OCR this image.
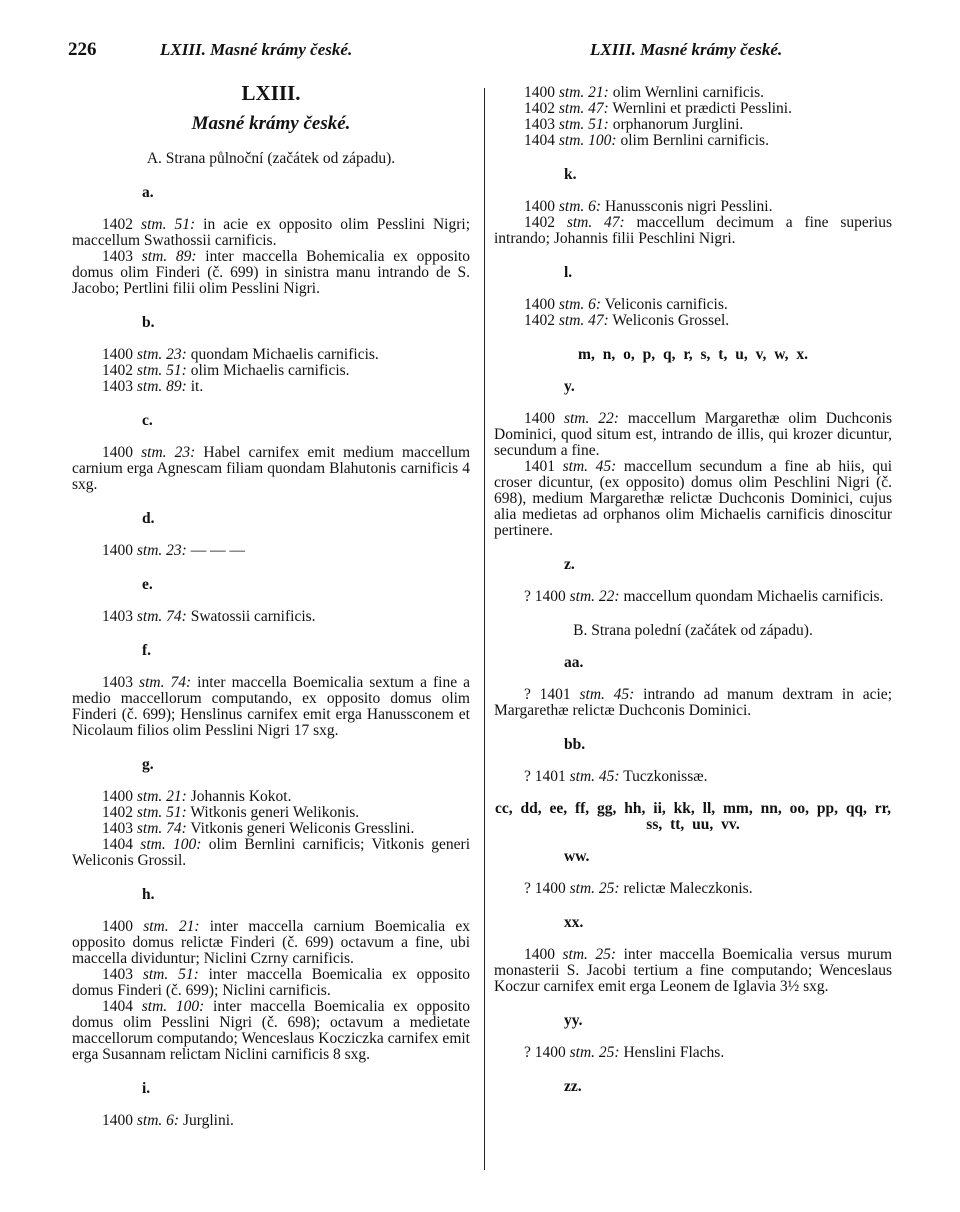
226	LXIII. Masné krámy české.	LXIII. Masné krámy české.
LXIII.
Masné krámy české.
A. Strana půlnoční (začátek od západu).
a.

1402 stm. 51: in acie ex opposito olim Pesslini Nigri; maccellum Swathossii carnificis.

1403 stm. 89: inter maccella Bohemicalia ex opposito domus olim Finderi (č. 699) in sinistra manu intrando de S. Jacobo; Pertlini filii olim Pesslini Nigri.

b.
1400 stm. 23: quondam Michaelis carnificis.
1402 stm. 51: olim Michaelis carnificis.
1403 stm. 89: it.
c.

1400 stm. 23: Habel carnifex emit medium maccellum carnium erga Agnescam filiam quondam Blahutonis carnificis 4 sxg.

d.
1400 stm. 23: — — —
e.
1403 stm. 74: Swatossii carnificis.
f.

1403 stm. 74: inter maccella Boemicalia sextum a fine a medio maccellorum computando, ex opposito domus olim Finderi (č. 699); Henslinus carnifex emit erga Hanussconem et Nicolaum filios olim Pesslini Nigri 17 sxg.

g.
1400 stm. 21: Johannis Kokot.
1402 stm. 51: Witkonis generi Welikonis.
1403 stm. 74: Vitkonis generi Weliconis Gresslini.

1404 stm. 100: olim Bernlini carnificis; Vitkonis generi Weliconis Grossil.

h.

1400 stm. 21: inter maccella carnium Boemicalia ex opposito domus relictæ Finderi (č. 699) octavum a fine, ubi maccella dividuntur; Niclini Czrny carnificis.

1403 stm. 51: inter maccella Boemicalia ex opposito domus Finderi (č. 699); Niclini carnificis.

1404 stm. 100: inter maccella Boemicalia ex opposito domus olim Pesslini Nigri (č. 698); octavum a medietate maccellorum computando; Wenceslaus Kocziczka carnifex emit erga Susannam relictam Niclini carnificis 8 sxg.

i.
1400 stm. 6: Jurglini.
1400 stm. 21: olim Wernlini carnificis.
1402 stm. 47: Wernlini et prædicti Pesslini.
1403 stm. 51: orphanorum Jurglini.
1404 stm. 100: olim Bernlini carnificis.
k.
1400 stm. 6: Hanussconis nigri Pesslini.

1402 stm. 47: maccellum decimum a fine superius intrando; Johannis filii Peschlini Nigri.

l.
1400 stm. 6: Veliconis carnificis.
1402 stm. 47: Weliconis Grossel.
m, n, o, p, q, r, s, t, u, v, w, x.
y.

1400 stm. 22: maccellum Margarethæ olim Duchconis Dominici, quod situm est, intrando de illis, qui krozer dicuntur, secundum a fine.

1401 stm. 45: maccellum secundum a fine ab hiis, qui croser dicuntur, (ex opposito) domus olim Peschlini Nigri (č. 698), medium Margarethæ relictæ Duchconis Dominici, cujus alia medietas ad orphanos olim Michaelis carnificis dinoscitur pertinere.

z.

? 1400 stm. 22: maccellum quondam Michaelis carnificis.

B. Strana polední (začátek od západu).
aa.

? 1401 stm. 45: intrando ad manum dextram in acie; Margarethæ relictæ Duchconis Dominici.

bb.
? 1401 stm. 45: Tuczkonissæ.
cc, dd, ee, ff, gg, hh, ii, kk, ll, mm, nn, oo, pp, qq, rr, ss, tt, uu, vv.
ww.
? 1400 stm. 25: relictæ Maleczkonis.
xx.

1400 stm. 25: inter maccella Boemicalia versus murum monasterii S. Jacobi tertium a fine computando; Wenceslaus Koczur carnifex emit erga Leonem de Iglavia 3½ sxg.

yy.
? 1400 stm. 25: Henslini Flachs.
zz.
